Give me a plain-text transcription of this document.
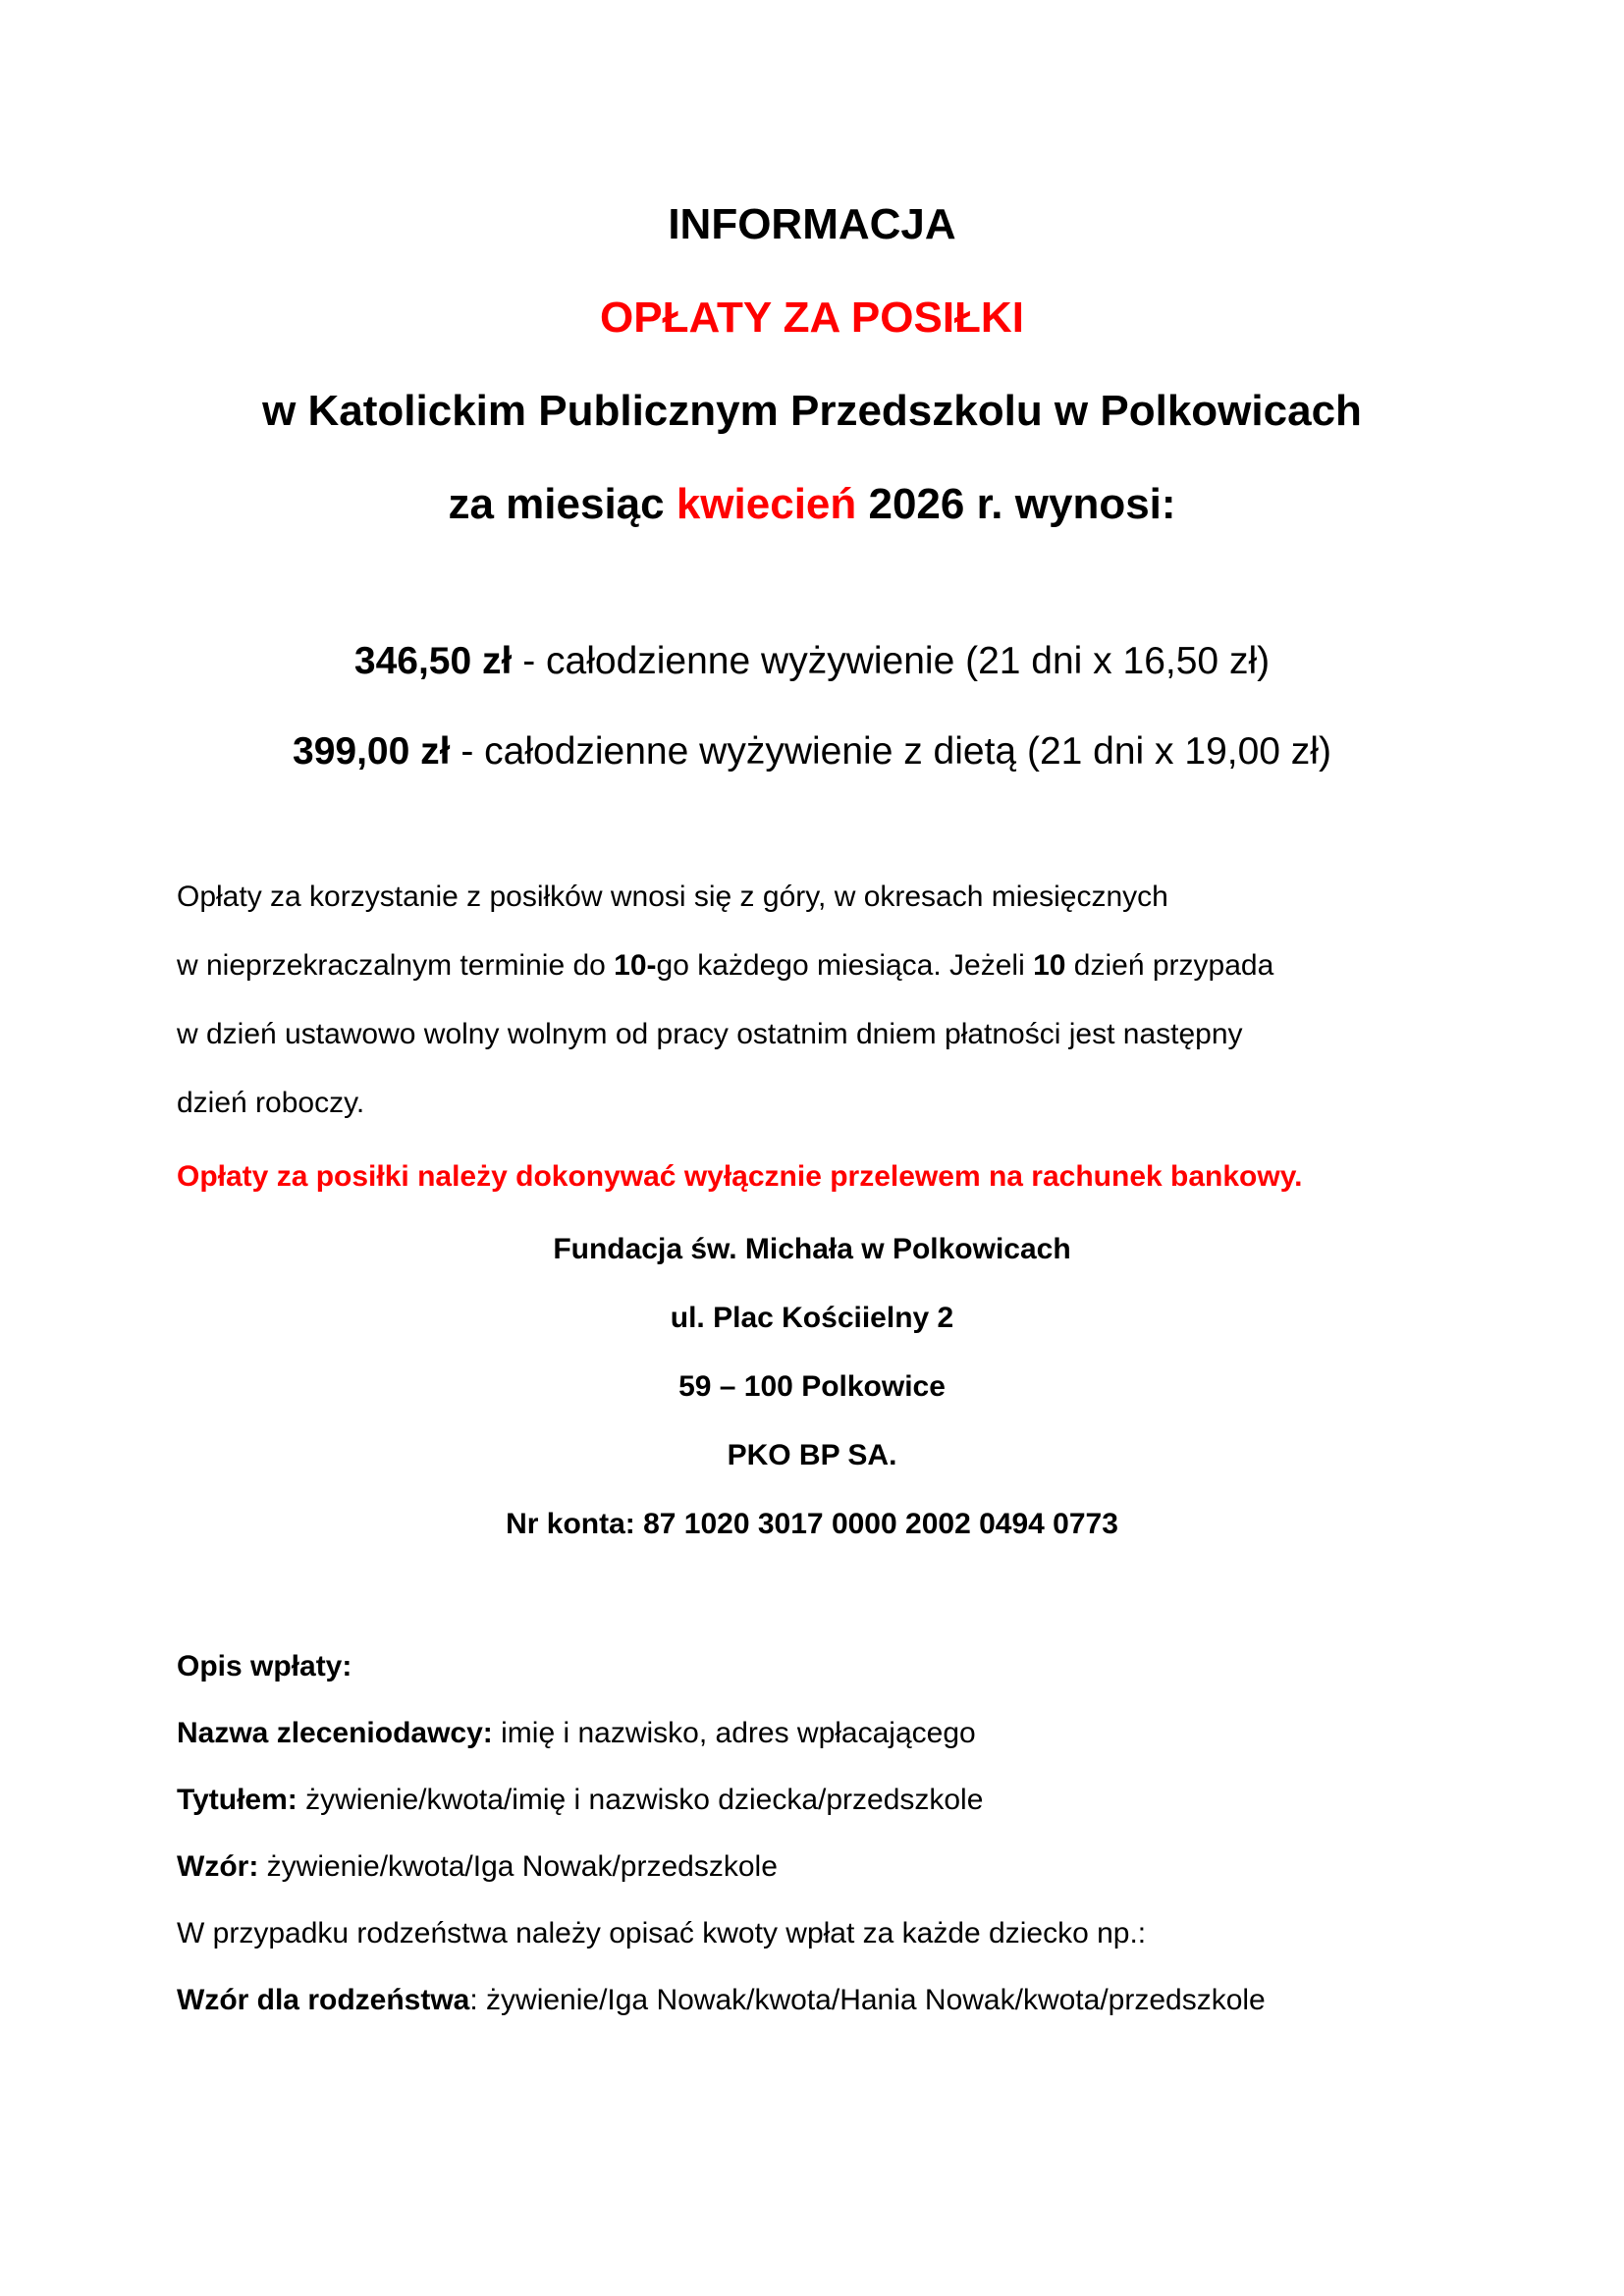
INFORMACJA
OPŁATY ZA POSIŁKI
w Katolickim Publicznym Przedszkolu w Polkowicach
za miesiąc kwiecień 2026 r. wynosi:
346,50 zł - całodzienne wyżywienie (21 dni x 16,50 zł)
399,00 zł - całodzienne wyżywienie z dietą (21 dni x 19,00 zł)
Opłaty za korzystanie z posiłków wnosi się z góry, w okresach miesięcznych
w nieprzekraczalnym terminie do 10-go każdego miesiąca. Jeżeli 10 dzień przypada
w dzień ustawowo wolny wolnym od pracy ostatnim dniem płatności jest następny
dzień roboczy.
Opłaty za posiłki należy dokonywać wyłącznie przelewem na rachunek bankowy.
Fundacja św. Michała w Polkowicach
ul. Plac Kościielny 2
59 – 100 Polkowice
PKO BP SA.
Nr konta: 87 1020 3017 0000 2002 0494 0773
Opis wpłaty:
Nazwa zleceniodawcy: imię i nazwisko, adres wpłacającego
Tytułem: żywienie/kwota/imię i nazwisko dziecka/przedszkole
Wzór: żywienie/kwota/Iga Nowak/przedszkole
W przypadku rodzeństwa należy opisać kwoty wpłat za każde dziecko np.:
Wzór dla rodzeństwa: żywienie/Iga Nowak/kwota/Hania Nowak/kwota/przedszkole
